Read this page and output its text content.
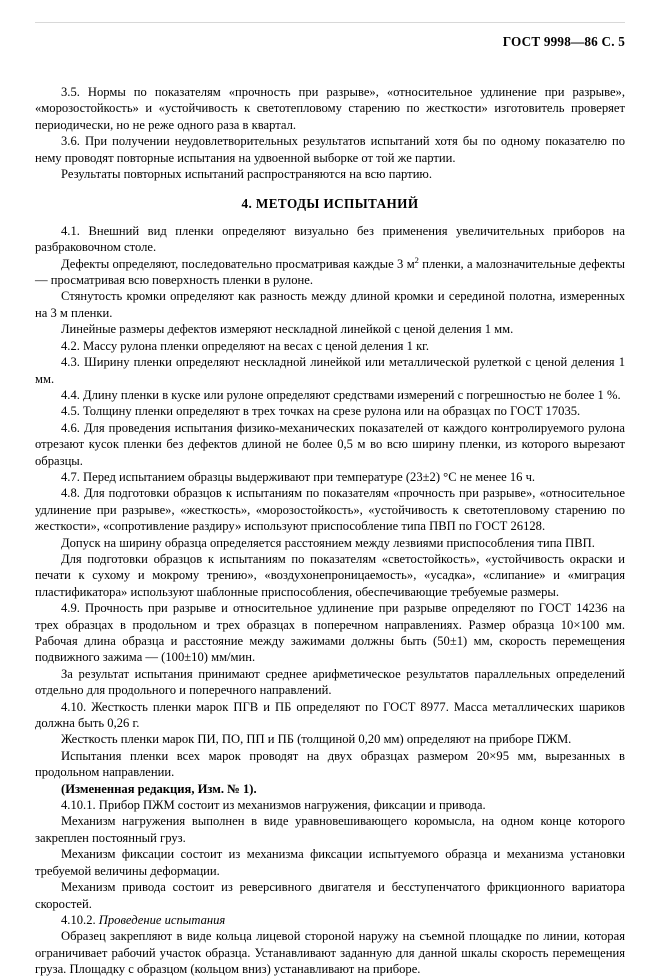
ГОСТ 9998—86 С. 5

3.5. Нормы по показателям «прочность при разрыве», «относительное удлинение при разрыве», «морозостойкость» и «устойчивость к светотепловому старению по жесткости» изготовитель проверяет периодически, но не реже одного раза в квартал.

3.6. При получении неудовлетворительных результатов испытаний хотя бы по одному показателю по нему проводят повторные испытания на удвоенной выборке от той же партии.

Результаты повторных испытаний распространяются на всю партию.

4. МЕТОДЫ ИСПЫТАНИЙ

4.1. Внешний вид пленки определяют визуально без применения увеличительных приборов на разбраковочном столе.

Дефекты определяют, последовательно просматривая каждые 3 $м^2$ пленки, а малозначительные дефекты — просматривая всю поверхность пленки в рулоне.

Стянутость кромки определяют как разность между длиной кромки и серединой полотна, измеренных на 3 м пленки.

Линейные размеры дефектов измеряют нескладной линейкой с ценой деления 1 мм.

4.2. Массу рулона пленки определяют на весах с ценой деления 1 кг.

4.3. Ширину пленки определяют нескладной линейкой или металлической рулеткой с ценой деления 1 мм.

4.4. Длину пленки в куске или рулоне определяют средствами измерений с погрешностью не более 1 %.

4.5. Толщину пленки определяют в трех точках на срезе рулона или на образцах по ГОСТ 17035.

4.6. Для проведения испытания физико-механических показателей от каждого контролируемого рулона отрезают кусок пленки без дефектов длиной не более 0,5 м во всю ширину пленки, из которого вырезают образцы.

4.7. Перед испытанием образцы выдерживают при температуре (23±2) °С не менее 16 ч.

4.8. Для подготовки образцов к испытаниям по показателям «прочность при разрыве», «относительное удлинение при разрыве», «жесткость», «морозостойкость», «устойчивость к светотепловому старению по жесткости», «сопротивление раздиру» используют приспособление типа ПВП по ГОСТ 26128.

Допуск на ширину образца определяется расстоянием между лезвиями приспособления типа ПВП.

Для подготовки образцов к испытаниям по показателям «светостойкость», «устойчивость окраски и печати к сухому и мокрому трению», «воздухонепроницаемость», «усадка», «слипание» и «миграция пластификатора» используют шаблонные приспособления, обеспечивающие требуемые размеры.

4.9. Прочность при разрыве и относительное удлинение при разрыве определяют по ГОСТ 14236 на трех образцах в продольном и трех образцах в поперечном направлениях. Размер образца 10×100 мм. Рабочая длина образца и расстояние между зажимами должны быть (50±1) мм, скорость перемещения подвижного зажима — (100±10) мм/мин.

За результат испытания принимают среднее арифметическое результатов параллельных определений отдельно для продольного и поперечного направлений.

4.10. Жесткость пленки марок ПГВ и ПБ определяют по ГОСТ 8977. Масса металлических шариков должна быть 0,26 г.

Жесткость пленки марок ПИ, ПО, ПП и ПБ (толщиной 0,20 мм) определяют на приборе ПЖМ.

Испытания пленки всех марок проводят на двух образцах размером 20×95 мм, вырезанных в продольном направлении.

(Измененная редакция, Изм. № 1).

4.10.1. Прибор ПЖМ состоит из механизмов нагружения, фиксации и привода.

Механизм нагружения выполнен в виде уравновешивающего коромысла, на одном конце которого закреплен постоянный груз.

Механизм фиксации состоит из механизма фиксации испытуемого образца и механизма установки требуемой величины деформации.

Механизм привода состоит из реверсивного двигателя и бесступенчатого фрикционного вариатора скоростей.

4.10.2. Проведение испытания

Образец закрепляют в виде кольца лицевой стороной наружу на съемной площадке по линии, которая ограничивает рабочий участок образца. Устанавливают заданную для данной шкалы скорость перемещения груза. Площадку с образцом (кольцом вниз) устанавливают на приборе.
